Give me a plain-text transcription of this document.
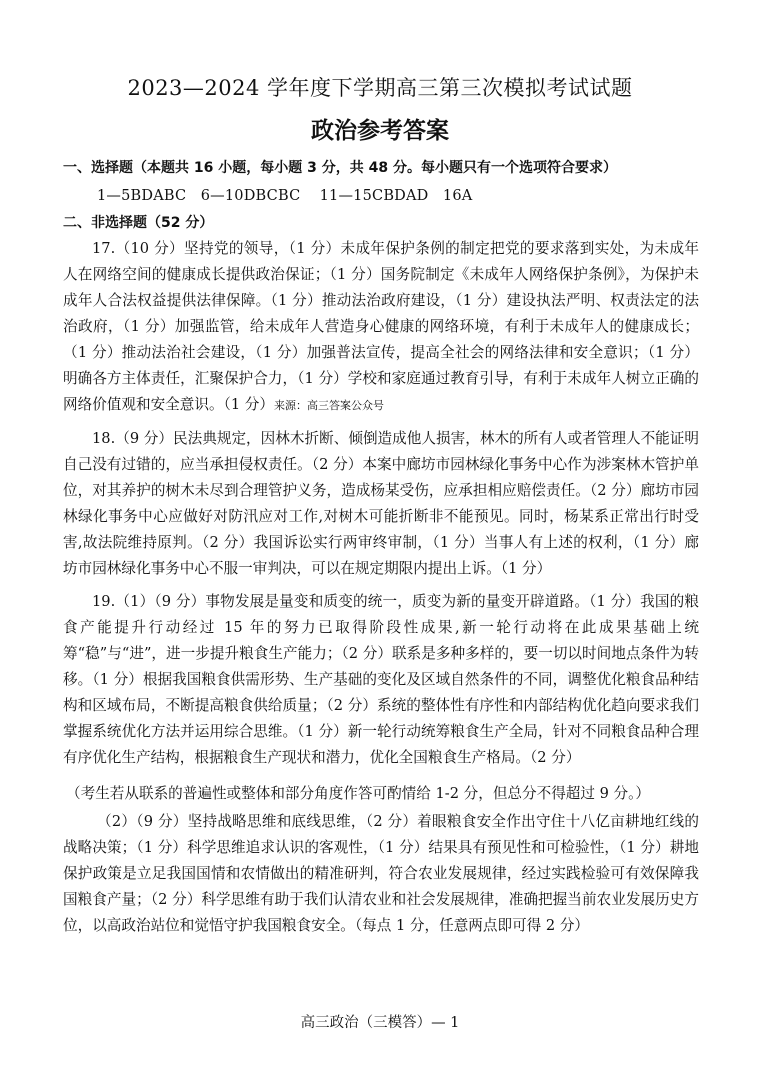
2023—2024 学年度下学期高三第三次模拟考试试题
政治参考答案
一、选择题（本题共 16 小题，每小题 3 分，共 48 分。每小题只有一个选项符合要求）
1—5BDABC   6—10DBCBC    11—15CBDAD   16A
二、非选择题（52 分）
17.（10 分）坚持党的领导，（1 分）未成年保护条例的制定把党的要求落到实处，为未成年人在网络空间的健康成长提供政治保证；（1 分）国务院制定《未成年人网络保护条例》，为保护未成年人合法权益提供法律保障。（1 分）推动法治政府建设，（1 分）建设执法严明、权责法定的法治政府，（1 分）加强监管，给未成年人营造身心健康的网络环境，有利于未成年人的健康成长；（1 分）推动法治社会建设，（1 分）加强普法宣传，提高全社会的网络法律和安全意识；（1 分）明确各方主体责任，汇聚保护合力，（1 分）学校和家庭通过教育引导，有利于未成年人树立正确的网络价值观和安全意识。（1 分）来源：高三答案公众号
18.（9 分）民法典规定，因林木折断、倾倒造成他人损害，林木的所有人或者管理人不能证明自己没有过错的，应当承担侵权责任。（2 分）本案中廊坊市园林绿化事务中心作为涉案林木管护单位，对其养护的树木未尽到合理管护义务，造成杨某受伤，应承担相应赔偿责任。（2 分）廊坊市园林绿化事务中心应做好对防汛应对工作,对树木可能折断非不能预见。同时，杨某系正常出行时受害,故法院维持原判。（2 分）我国诉讼实行两审终审制，（1 分）当事人有上述的权利，（1 分）廊坊市园林绿化事务中心不服一审判决，可以在规定期限内提出上诉。（1 分）
19.（1）（9 分）事物发展是量变和质变的统一，质变为新的量变开辟道路。（1 分）我国的粮食产能提升行动经过 15 年的努力已取得阶段性成果,新一轮行动将在此成果基础上统筹“稳”与“进”，进一步提升粮食生产能力；（2 分）联系是多种多样的，要一切以时间地点条件为转移。（1 分）根据我国粮食供需形势、生产基础的变化及区域自然条件的不同，调整优化粮食品种结构和区域布局，不断提高粮食供给质量；（2 分）系统的整体性有序性和内部结构优化趋向要求我们掌握系统优化方法并运用综合思维。（1 分）新一轮行动统筹粮食生产全局，针对不同粮食品种合理有序优化生产结构，根据粮食生产现状和潜力，优化全国粮食生产格局。（2 分）
（考生若从联系的普遍性或整体和部分角度作答可酌情给 1-2 分，但总分不得超过 9 分。）
（2）（9 分）坚持战略思维和底线思维，（2 分）着眼粮食安全作出守住十八亿亩耕地红线的战略决策；（1 分）科学思维追求认识的客观性，（1 分）结果具有预见性和可检验性，（1 分）耕地保护政策是立足我国国情和农情做出的精准研判，符合农业发展规律，经过实践检验可有效保障我国粮食产量；（2 分）科学思维有助于我们认清农业和社会发展规律，准确把握当前农业发展历史方位，以高政治站位和觉悟守护我国粮食安全。（每点 1 分，任意两点即可得 2 分）
高三政治（三模答）— 1
